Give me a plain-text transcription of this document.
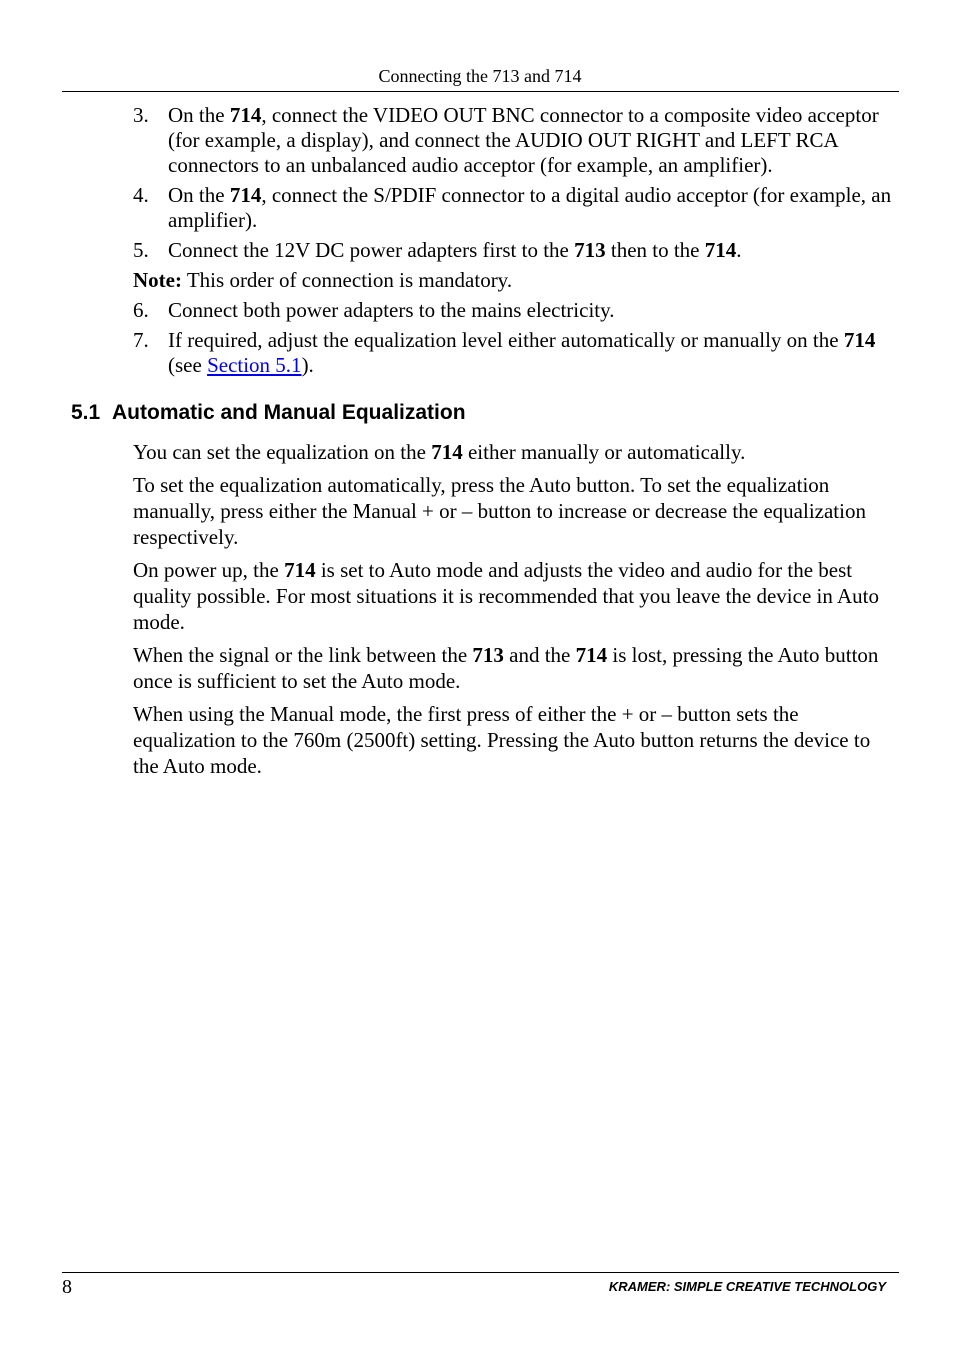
Connecting the 713 and 714
3. On the 714, connect the VIDEO OUT BNC connector to a composite video acceptor (for example, a display), and connect the AUDIO OUT RIGHT and LEFT RCA connectors to an unbalanced audio acceptor (for example, an amplifier).
4. On the 714, connect the S/PDIF connector to a digital audio acceptor (for example, an amplifier).
5. Connect the 12V DC power adapters first to the 713 then to the 714.
Note: This order of connection is mandatory.
6. Connect both power adapters to the mains electricity.
7. If required, adjust the equalization level either automatically or manually on the 714 (see Section 5.1).
5.1 Automatic and Manual Equalization
You can set the equalization on the 714 either manually or automatically.
To set the equalization automatically, press the Auto button. To set the equalization manually, press either the Manual + or – button to increase or decrease the equalization respectively.
On power up, the 714 is set to Auto mode and adjusts the video and audio for the best quality possible. For most situations it is recommended that you leave the device in Auto mode.
When the signal or the link between the 713 and the 714 is lost, pressing the Auto button once is sufficient to set the Auto mode.
When using the Manual mode, the first press of either the + or – button sets the equalization to the 760m (2500ft) setting. Pressing the Auto button returns the device to the Auto mode.
8	KRAMER: SIMPLE CREATIVE TECHNOLOGY
